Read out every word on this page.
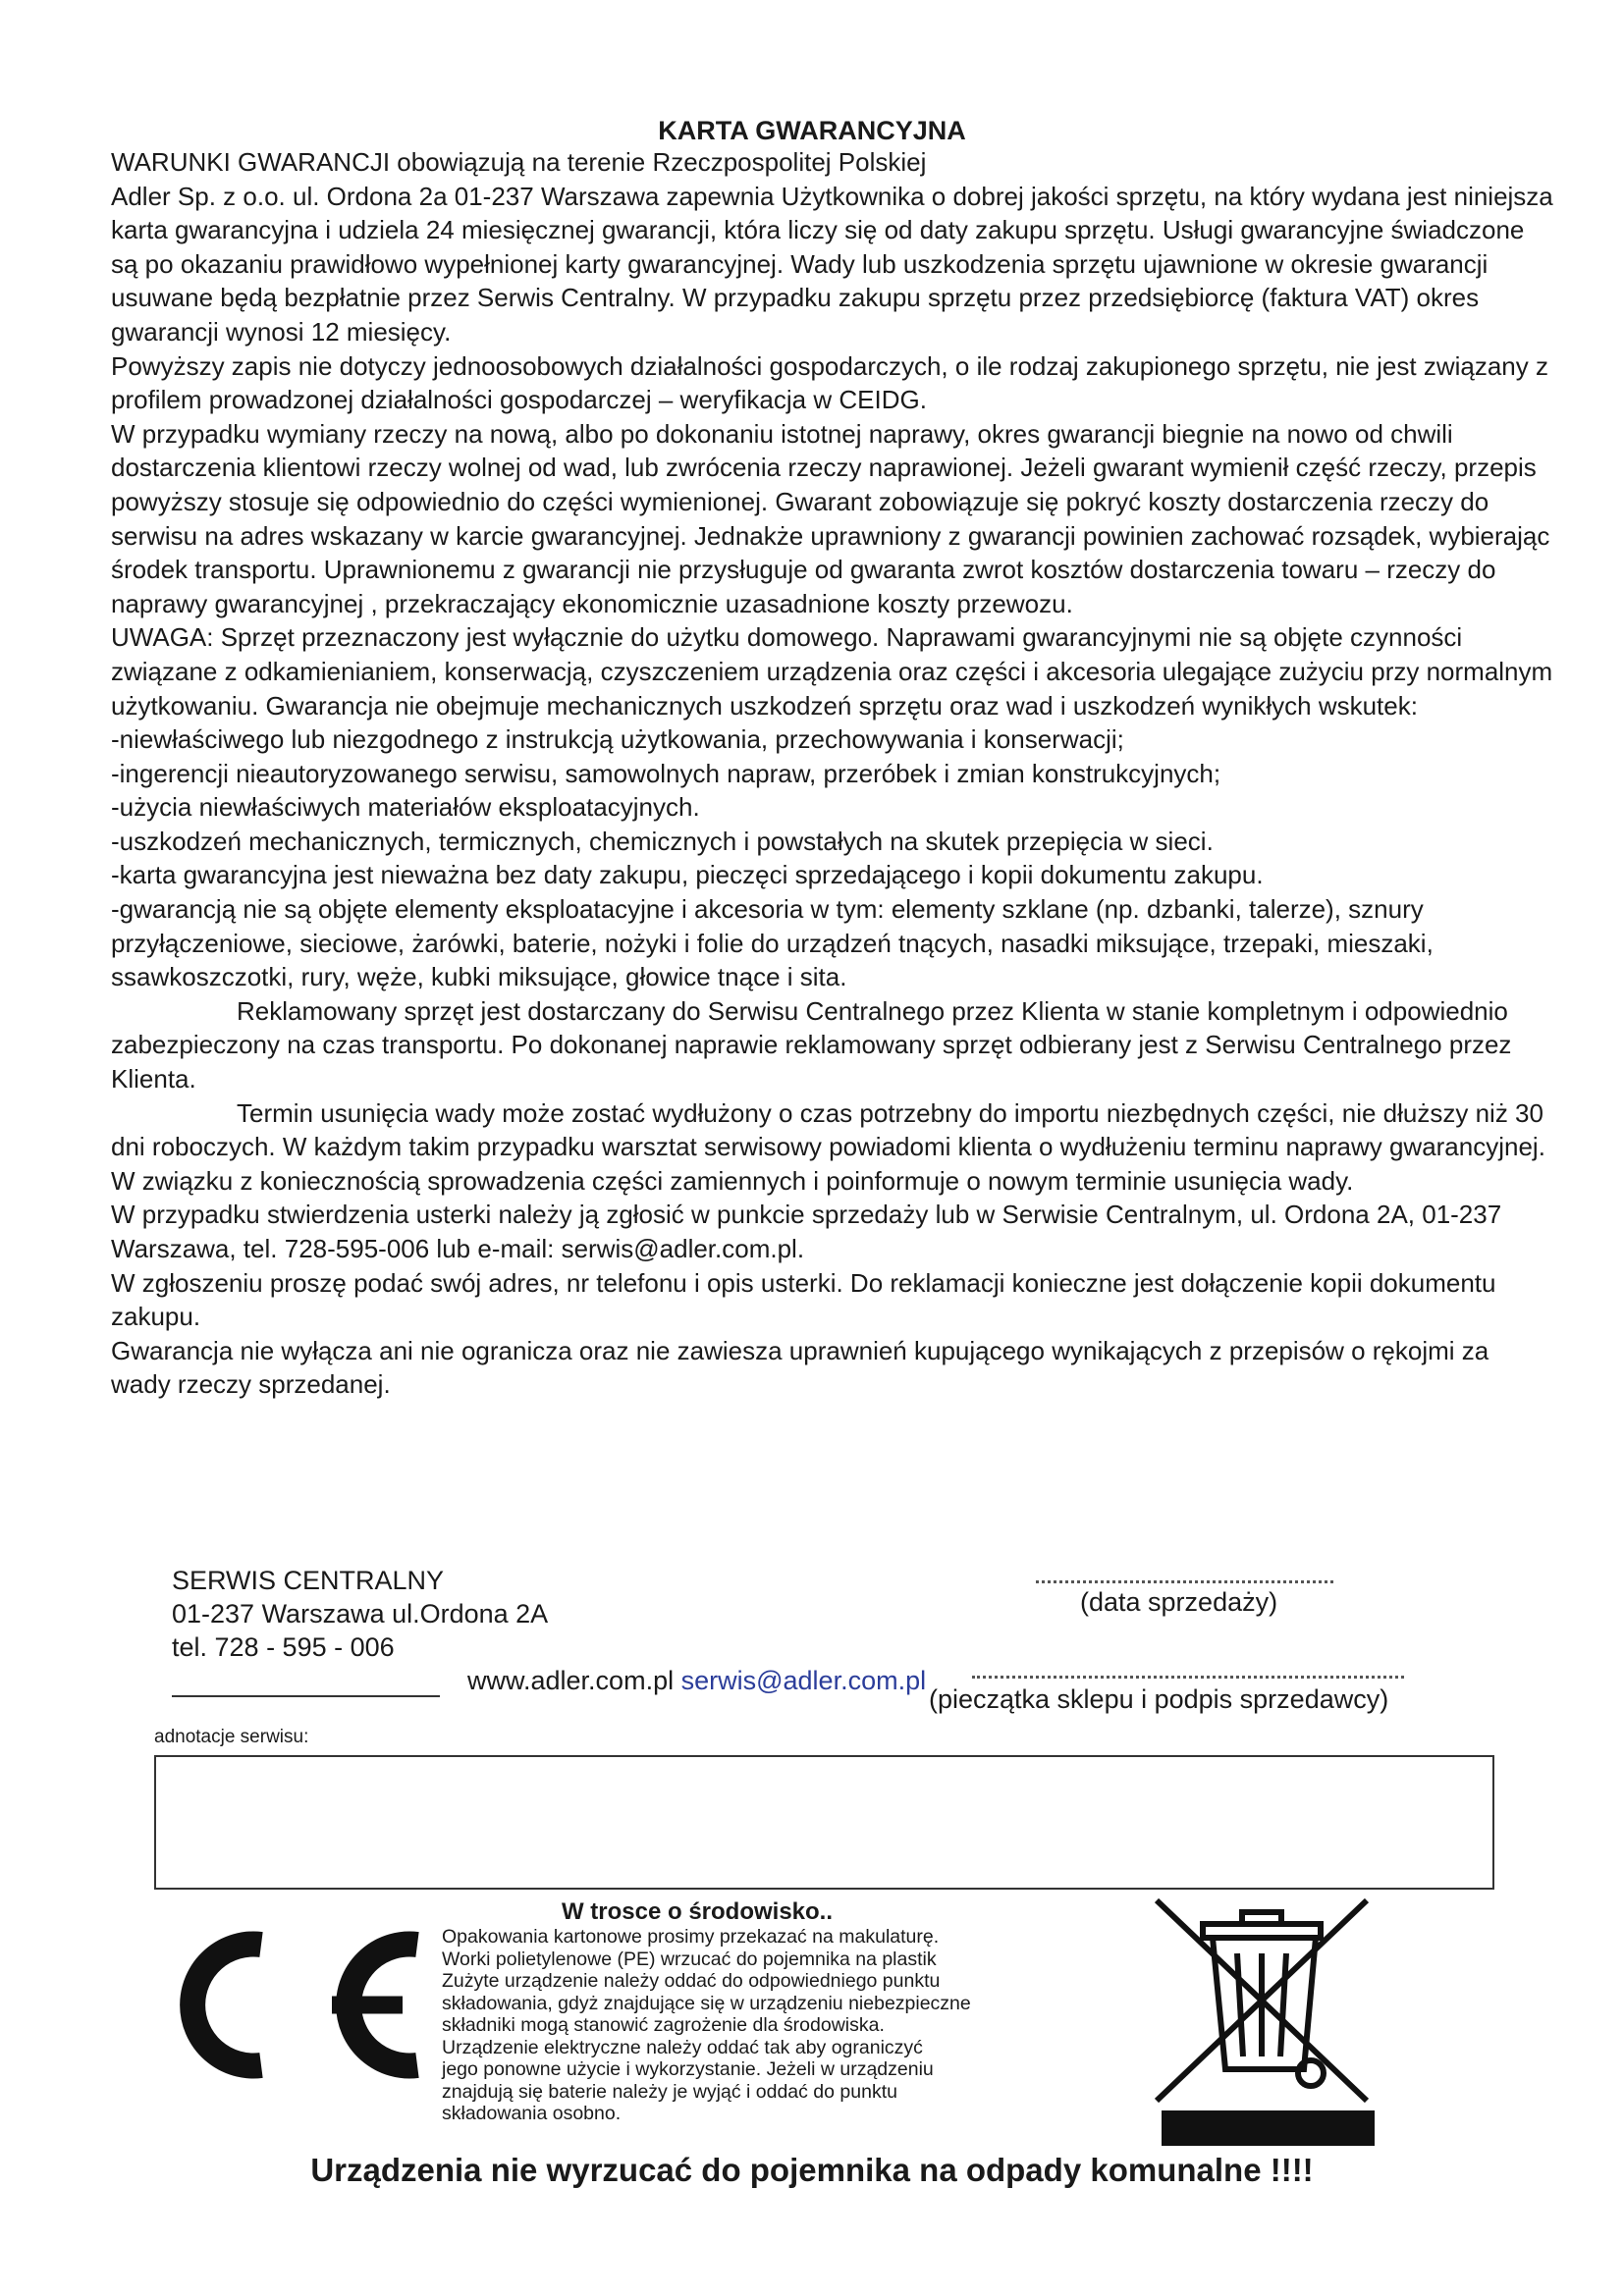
KARTA GWARANCYJNA

WARUNKI GWARANCJI obowiązują na terenie Rzeczpospolitej Polskiej

Adler Sp. z o.o. ul. Ordona 2a 01-237 Warszawa zapewnia Użytkownika o dobrej jakości sprzętu, na który wydana jest niniejsza karta gwarancyjna i udziela 24 miesięcznej gwarancji, która liczy się od daty zakupu sprzętu. Usługi gwarancyjne świadczone są po okazaniu prawidłowo wypełnionej karty gwarancyjnej. Wady lub uszkodzenia sprzętu ujawnione w okresie gwarancji usuwane będą bezpłatnie przez Serwis Centralny. W przypadku zakupu sprzętu przez przedsiębiorcę (faktura VAT) okres gwarancji wynosi 12 miesięcy.

Powyższy zapis nie dotyczy jednoosobowych działalności gospodarczych, o ile rodzaj zakupionego sprzętu, nie jest związany z profilem prowadzonej działalności gospodarczej – weryfikacja w CEIDG.

W przypadku wymiany rzeczy na nową, albo po dokonaniu istotnej naprawy, okres gwarancji biegnie na nowo od chwili dostarczenia klientowi rzeczy wolnej od wad, lub zwrócenia rzeczy naprawionej. Jeżeli gwarant wymienił część rzeczy, przepis powyższy stosuje się odpowiednio do części wymienionej. Gwarant zobowiązuje się pokryć koszty dostarczenia rzeczy do serwisu na adres wskazany w karcie gwarancyjnej. Jednakże uprawniony z gwarancji powinien zachować rozsądek, wybierając środek transportu. Uprawnionemu z gwarancji nie przysługuje od gwaranta zwrot kosztów dostarczenia towaru – rzeczy do naprawy gwarancyjnej , przekraczający ekonomicznie uzasadnione koszty przewozu.

UWAGA: Sprzęt przeznaczony jest wyłącznie do użytku domowego. Naprawami gwarancyjnymi nie są objęte czynności związane z odkamienianiem, konserwacją, czyszczeniem urządzenia oraz części i akcesoria ulegające zużyciu przy normalnym użytkowaniu. Gwarancja nie obejmuje mechanicznych uszkodzeń sprzętu oraz wad i uszkodzeń wynikłych wskutek:

-niewłaściwego lub niezgodnego z instrukcją użytkowania, przechowywania i konserwacji;

-ingerencji nieautoryzowanego serwisu, samowolnych napraw, przeróbek i zmian konstrukcyjnych;

-użycia niewłaściwych materiałów eksploatacyjnych.

-uszkodzeń mechanicznych, termicznych, chemicznych i powstałych na skutek przepięcia w sieci.

-karta gwarancyjna jest nieważna bez daty zakupu, pieczęci sprzedającego i kopii dokumentu zakupu.

-gwarancją nie są objęte elementy eksploatacyjne i akcesoria w tym: elementy szklane (np. dzbanki, talerze), sznury przyłączeniowe, sieciowe, żarówki, baterie, nożyki i folie do urządzeń tnących, nasadki miksujące, trzepaki, mieszaki, ssawkoszczotki, rury, węże, kubki miksujące, głowice tnące i sita.

Reklamowany sprzęt jest dostarczany do Serwisu Centralnego przez Klienta w stanie kompletnym i odpowiednio zabezpieczony na czas transportu. Po dokonanej naprawie reklamowany sprzęt odbierany jest z Serwisu Centralnego przez Klienta.

Termin usunięcia wady może zostać wydłużony o czas potrzebny do importu niezbędnych części, nie dłuższy niż 30 dni roboczych. W każdym takim przypadku warsztat serwisowy powiadomi klienta o wydłużeniu terminu naprawy gwarancyjnej. W związku z koniecznością sprowadzenia części zamiennych i poinformuje o nowym terminie usunięcia wady.

W przypadku stwierdzenia usterki należy ją zgłosić w punkcie sprzedaży lub w Serwisie Centralnym, ul. Ordona 2A, 01-237 Warszawa, tel. 728-595-006 lub e-mail: serwis@adler.com.pl.

W zgłoszeniu proszę podać swój adres, nr telefonu i opis usterki. Do reklamacji konieczne jest dołączenie kopii dokumentu zakupu.

Gwarancja nie wyłącza ani nie ogranicza oraz nie zawiesza uprawnień kupującego wynikających z przepisów o rękojmi za wady rzeczy sprzedanej.

SERWIS CENTRALNY
01-237 Warszawa ul.Ordona 2A
tel. 728 - 595 - 006
www.adler.com.pl serwis@adler.com.pl
(data sprzedaży)
(pieczątka sklepu i podpis sprzedawcy)
adnotacje serwisu:
W trosce o środowisko..
Opakowania kartonowe prosimy przekazać na makulaturę.
Worki polietylenowe (PE) wrzucać do pojemnika na plastik
Zużyte urządzenie należy oddać do odpowiedniego punktu
składowania, gdyż znajdujące się w urządzeniu niebezpieczne
składniki mogą stanowić zagrożenie dla środowiska.
Urządzenie elektryczne należy oddać tak aby ograniczyć
jego ponowne użycie i wykorzystanie. Jeżeli w urządzeniu
znajdują się baterie należy je wyjąć i oddać do punktu
składowania osobno.
Urządzenia nie wyrzucać do pojemnika na odpady komunalne !!!!
